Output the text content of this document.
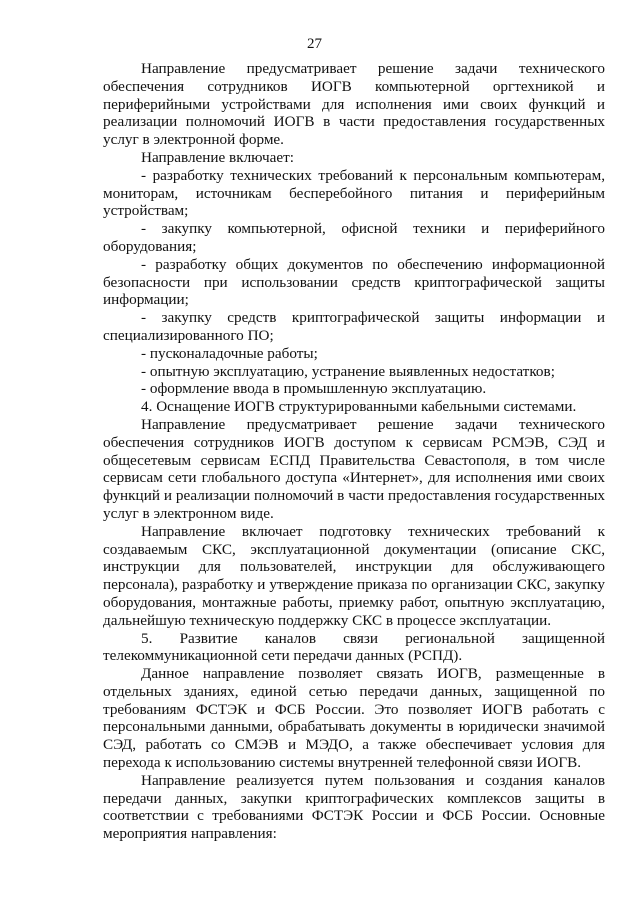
27

Направление предусматривает решение задачи технического обеспечения сотрудников ИОГВ компьютерной оргтехникой и периферийными устройствами для исполнения ими своих функций и реализации полномочий ИОГВ в части предоставления государственных услуг в электронной форме.

Направление включает:

- разработку технических требований к персональным компьютерам, мониторам, источникам бесперебойного питания и периферийным устройствам;

- закупку компьютерной, офисной техники и периферийного оборудования;

- разработку общих документов по обеспечению информационной безопасности при использовании средств криптографической защиты информации;

- закупку средств криптографической защиты информации и специализированного ПО;

- пусконаладочные работы;

- опытную эксплуатацию, устранение выявленных недостатков;

- оформление ввода в промышленную эксплуатацию.

4. Оснащение ИОГВ структурированными кабельными системами.

Направление предусматривает решение задачи технического обеспечения сотрудников ИОГВ доступом к сервисам РСМЭВ, СЭД и общесетевым сервисам ЕСПД Правительства Севастополя, в том числе сервисам сети глобального доступа «Интернет», для исполнения ими своих функций и реализации полномочий в части предоставления государственных услуг в электронном виде.

Направление включает подготовку технических требований к создаваемым СКС, эксплуатационной документации (описание СКС, инструкции для пользователей, инструкции для обслуживающего персонала), разработку и утверждение приказа по организации СКС, закупку оборудования, монтажные работы, приемку работ, опытную эксплуатацию, дальнейшую техническую поддержку СКС в процессе эксплуатации.

5. Развитие каналов связи региональной защищенной телекоммуникационной сети передачи данных (РСПД).

Данное направление позволяет связать ИОГВ, размещенные в отдельных зданиях, единой сетью передачи данных, защищенной по требованиям ФСТЭК и ФСБ России. Это позволяет ИОГВ работать с персональными данными, обрабатывать документы в юридически значимой СЭД, работать со СМЭВ и МЭДО, а также обеспечивает условия для перехода к использованию системы внутренней телефонной связи ИОГВ.

Направление реализуется путем пользования и создания каналов передачи данных, закупки криптографических комплексов защиты в соответствии с требованиями ФСТЭК России и ФСБ России. Основные мероприятия направления:
